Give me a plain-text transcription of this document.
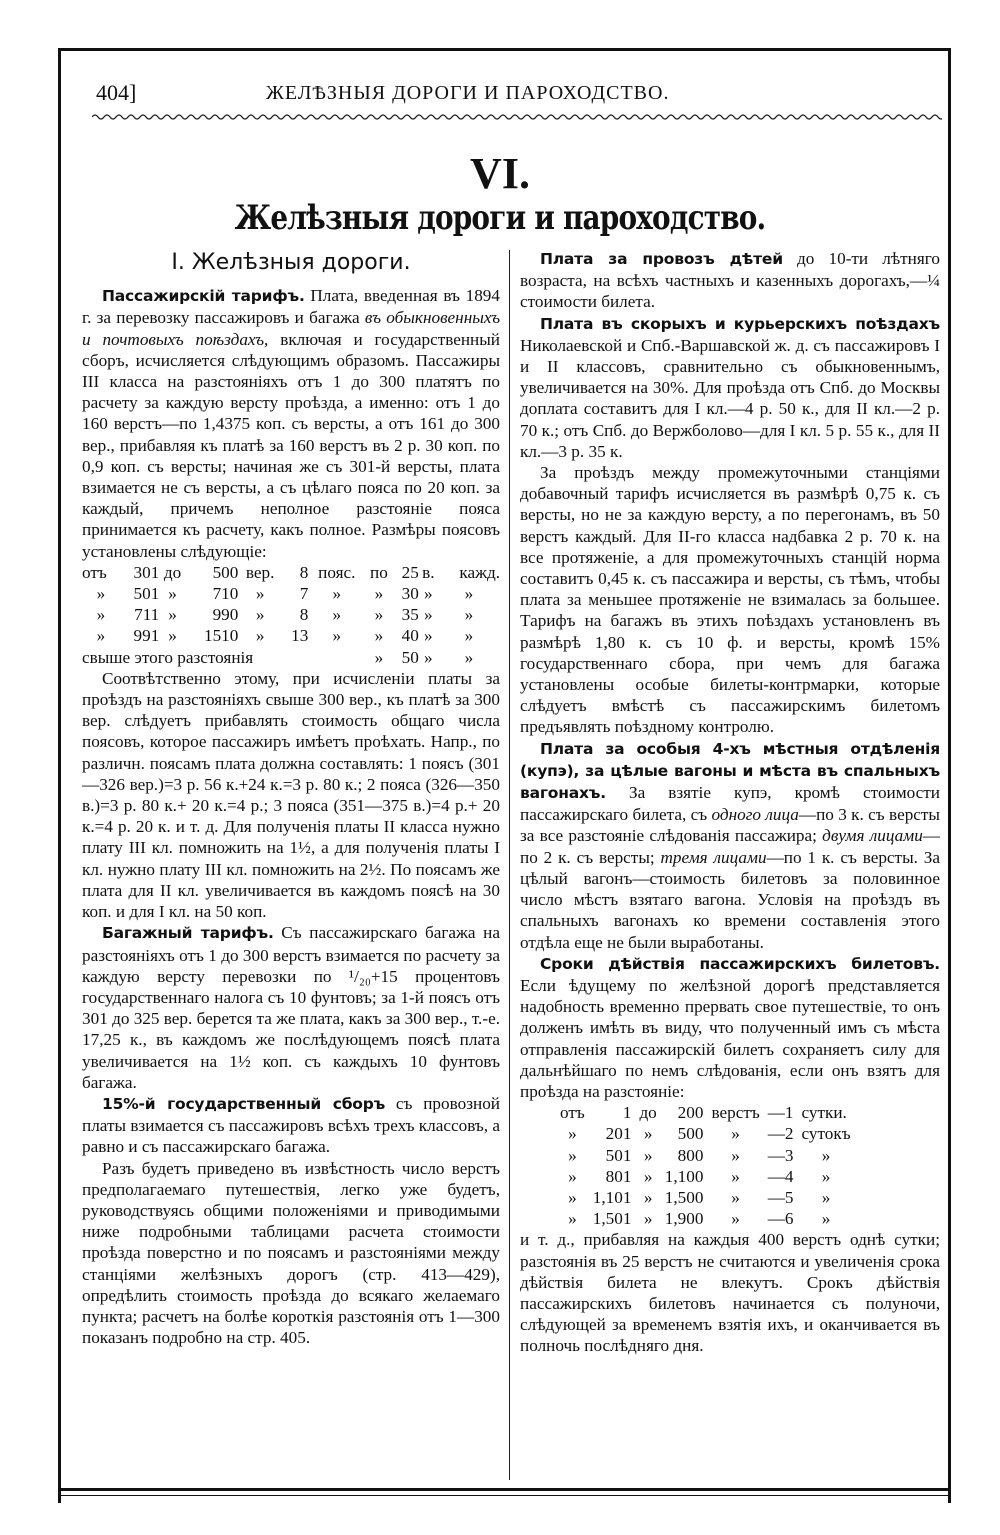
404]	ЖЕЛѢЗНЫЯ ДОРОГИ И ПАРОХОДСТВО.
VI.
Желѣзныя дороги и пароходство.
I. Желѣзныя дороги.

Пассажирскій тарифъ. Плата, введенная въ 1894 г. за перевозку пассажировъ и багажа въ обыкновенныхъ и почтовыхъ поѣздахъ, включая и государственный сборъ, исчисляется слѣдующимъ образомъ. Пассажиры III класса на разстояніяхъ отъ 1 до 300 платятъ по расчету за каждую версту проѣзда, а именно: отъ 1 до 160 верстъ—по 1,4375 коп. съ версты, а отъ 161 до 300 вер., прибавляя къ платѣ за 160 верстъ въ 2 р. 30 коп. по 0,9 коп. съ версты; начиная же съ 301-й версты, плата взимается не съ версты, а съ цѣлаго пояса по 20 коп. за каждый, причемъ неполное разстояніе пояса принимается къ расчету, какъ полное. Размѣры поясовъ установлены слѣдующіе:

отъ	301	до	500	вер.	8	пояс.	по	25	в.	кажд.
»	501	»	710	»	7	»	»	30	»	»
»	711	»	990	»	8	»	»	35	»	»
»	991	»	1510	»	13	»	»	40	»	»
свыше этого разстоянія							»	50	»	»

Соотвѣтственно этому, при исчисленіи платы за проѣздъ на разстояніяхъ свыше 300 вер., къ платѣ за 300 вер. слѣдуетъ прибавлять стоимость общаго числа поясовъ, которое пассажиръ имѣетъ проѣхать. Напр., по различн. поясамъ плата должна составлять: 1 поясъ (301—326 вер.)=3 р. 56 к.+24 к.=3 р. 80 к.; 2 пояса (326—350 в.)=3 р. 80 к.+ 20 к.=4 р.; 3 пояса (351—375 в.)=4 р.+ 20 к.=4 р. 20 к. и т. д. Для полученія платы II класса нужно плату III кл. помножить на 1½, а для полученія платы I кл. нужно плату III кл. помножить на 2½. По поясамъ же плата для II кл. увеличивается въ каждомъ поясѣ на 30 коп. и для I кл. на 50 коп.

Багажный тарифъ. Съ пассажирскаго багажа на разстояніяхъ отъ 1 до 300 верстъ взимается по расчету за каждую версту перевозки по ¹/₂₀+15 процентовъ государственнаго налога съ 10 фунтовъ; за 1-й поясъ отъ 301 до 325 вер. берется та же плата, какъ за 300 вер., т.-е. 17,25 к., въ каждомъ же послѣдующемъ поясѣ плата увеличивается на 1½ коп. съ каждыхъ 10 фунтовъ багажа.

15%-й государственный сборъ съ провозной платы взимается съ пассажировъ всѣхъ трехъ классовъ, а равно и съ пассажирскаго багажа.

Разъ будетъ приведено въ извѣстность число верстъ предполагаемаго путешествія, легко уже будетъ, руководствуясь общими положеніями и приводимыми ниже подробными таблицами расчета стоимости проѣзда поверстно и по поясамъ и разстояніями между станціями желѣзныхъ дорогъ (стр. 413—429), опредѣлить стоимость проѣзда до всякаго желаемаго пункта; расчетъ на болѣе короткія разстоянія отъ 1—300 показанъ подробно на стр. 405.

Плата за провозъ дѣтей до 10-ти лѣтняго возраста, на всѣхъ частныхъ и казенныхъ дорогахъ,—¼ стоимости билета.

Плата въ скорыхъ и курьерскихъ поѣздахъ Николаевской и Спб.-Варшавской ж. д. съ пассажировъ I и II классовъ, сравнительно съ обыкновеннымъ, увеличивается на 30%. Для проѣзда отъ Спб. до Москвы доплата составитъ для I кл.—4 р. 50 к., для II кл.—2 р. 70 к.; отъ Спб. до Вержболово—для I кл. 5 р. 55 к., для II кл.—3 р. 35 к.

За проѣздъ между промежуточными станціями добавочный тарифъ исчисляется въ размѣрѣ 0,75 к. съ версты, но не за каждую версту, а по перегонамъ, въ 50 верстъ каждый. Для II-го класса надбавка 2 р. 70 к. на все протяженіе, а для промежуточныхъ станцій норма составитъ 0,45 к. съ пассажира и версты, съ тѣмъ, чтобы плата за меньшее протяженіе не взималась за большее. Тарифъ на багажъ въ этихъ поѣздахъ установленъ въ размѣрѣ 1,80 к. съ 10 ф. и версты, кромѣ 15% государственнаго сбора, при чемъ для багажа установлены особые билеты-контрмарки, которые слѣдуетъ вмѣстѣ съ пассажирскимъ билетомъ предъявлять поѣздному контролю.

Плата за особыя 4-хъ мѣстныя отдѣленія (купэ), за цѣлые вагоны и мѣста въ спальныхъ вагонахъ. За взятіе купэ, кромѣ стоимости пассажирскаго билета, съ одного лица—по 3 к. съ версты за все разстояніе слѣдованія пассажира; двумя лицами—по 2 к. съ версты; тремя лицами—по 1 к. съ версты. За цѣлый вагонъ—стоимость билетовъ за половинное число мѣстъ взятаго вагона. Условія на проѣздъ въ спальныхъ вагонахъ ко времени составленія этого отдѣла еще не были выработаны.

Сроки дѣйствія пассажирскихъ билетовъ. Если ѣдущему по желѣзной дорогѣ представляется надобность временно прервать свое путешествіе, то онъ долженъ имѣть въ виду, что полученный имъ съ мѣста отправленія пассажирскій билетъ сохраняетъ силу для дальнѣйшаго по немъ слѣдованія, если онъ взятъ для проѣзда на разстояніе:

отъ	1	до	200	верстъ	—1	сутки.
»	201	»	500	»	—2	сутокъ
»	501	»	800	»	—3	»
»	801	»	1,100	»	—4	»
»	1,101	»	1,500	»	—5	»
»	1,501	»	1,900	»	—6	»

и т. д., прибавляя на каждыя 400 верстъ однѣ сутки; разстоянія въ 25 верстъ не считаются и увеличенія срока дѣйствія билета не влекутъ. Срокъ дѣйствія пассажирскихъ билетовъ начинается съ полуночи, слѣдующей за временемъ взятія ихъ, и оканчивается въ полночь послѣдняго дня.
